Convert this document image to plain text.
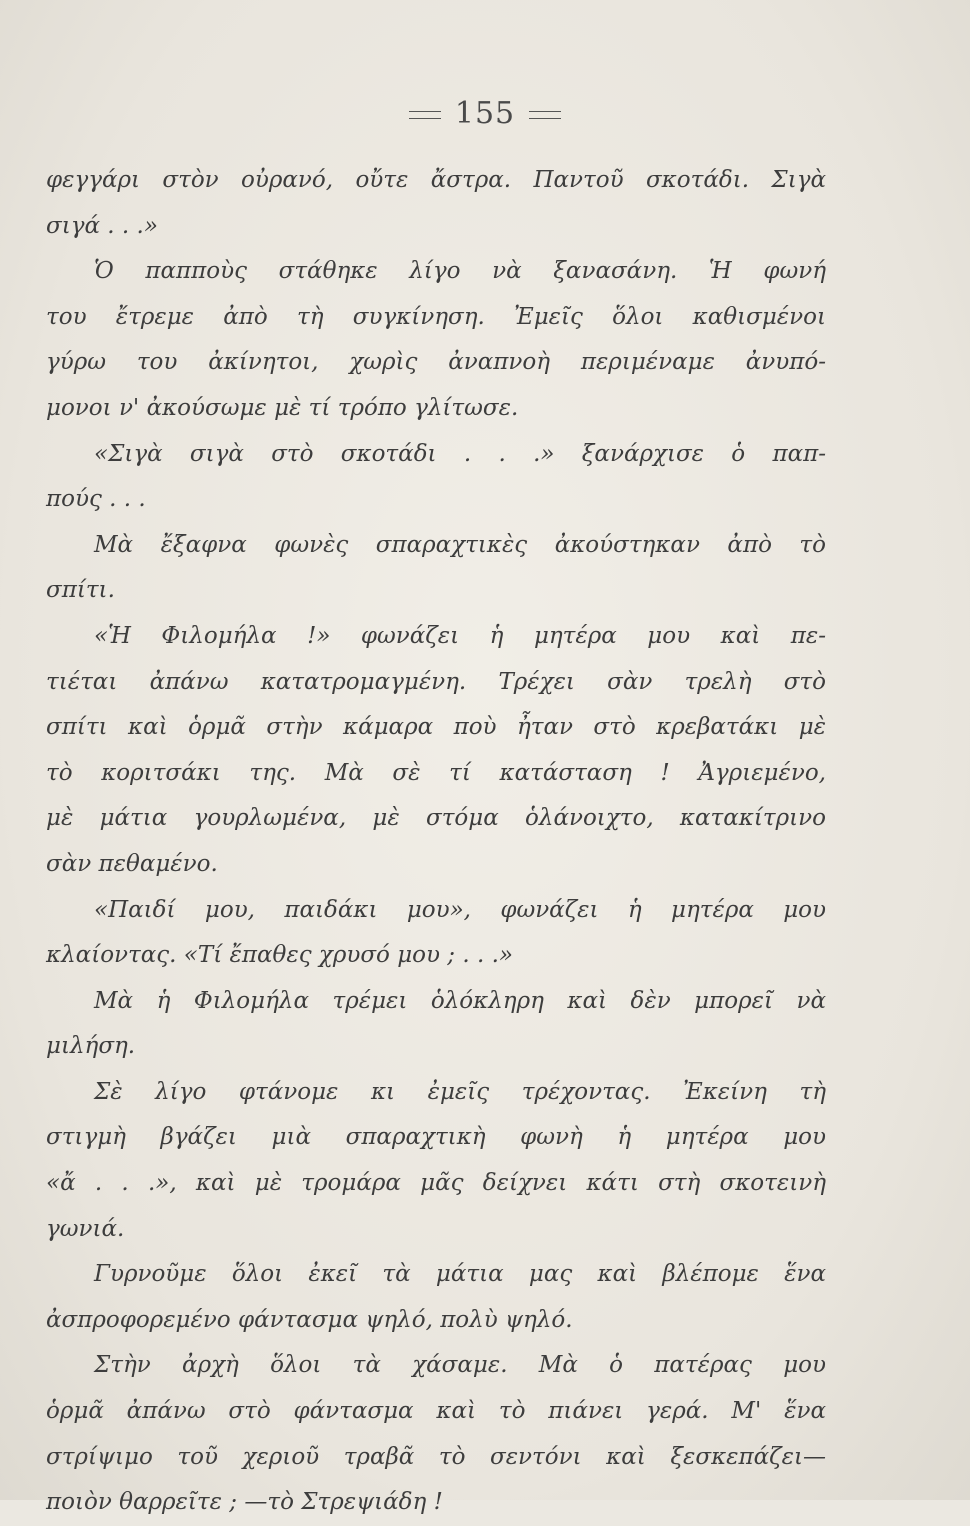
155
φεγγάρι στὸν οὐρανό, οὔτε ἄστρα. Παντοῦ σκοτάδι. Σιγὰ
σιγά . . .»
Ὁ παπποὺς στάθηκε λίγο νὰ ξανασάνη. Ἡ φωνή
του ἔτρεμε ἀπὸ τὴ συγκίνηση. Ἐμεῖς ὅλοι καθισμένοι
γύρω του ἀκίνητοι, χωρὶς ἀναπνοὴ περιμέναμε ἀνυπό-
μονοι ν' ἀκούσωμε μὲ τί τρόπο γλίτωσε.
«Σιγὰ σιγὰ στὸ σκοτάδι . . .» ξανάρχισε ὁ παπ-
πούς . . .
Μὰ ἔξαφνα φωνὲς σπαραχτικὲς ἀκούστηκαν ἀπὸ τὸ
σπίτι.
«Ἡ Φιλομήλα !» φωνάζει ἡ μητέρα μου καὶ πε-
τιέται ἀπάνω κατατρομαγμένη. Τρέχει σὰν τρελὴ στὸ
σπίτι καὶ ὁρμᾶ στὴν κάμαρα ποὺ ἦταν στὸ κρεβατάκι μὲ
τὸ κοριτσάκι της. Μὰ σὲ τί κατάσταση ! Ἀγριεμένο,
μὲ μάτια γουρλωμένα, μὲ στόμα ὁλάνοιχτο, κατακίτρινο
σὰν πεθαμένο.
«Παιδί μου, παιδάκι μου», φωνάζει ἡ μητέρα μου
κλαίοντας. «Τί ἔπαθες χρυσό μου ; . . .»
Μὰ ἡ Φιλομήλα τρέμει ὁλόκληρη καὶ δὲν μπορεῖ νὰ
μιλήση.
Σὲ λίγο φτάνομε κι ἐμεῖς τρέχοντας. Ἐκείνη τὴ
στιγμὴ βγάζει μιὰ σπαραχτικὴ φωνὴ ἡ μητέρα μου
«ἄ . . .», καὶ μὲ τρομάρα μᾶς δείχνει κάτι στὴ σκοτεινὴ
γωνιά.
Γυρνοῦμε ὅλοι ἐκεῖ τὰ μάτια μας καὶ βλέπομε ἕνα
ἀσπροφορεμένο φάντασμα ψηλό, πολὺ ψηλό.
Στὴν ἀρχὴ ὅλοι τὰ χάσαμε. Μὰ ὁ πατέρας μου
ὁρμᾶ ἀπάνω στὸ φάντασμα καὶ τὸ πιάνει γερά. Μ' ἕνα
στρίψιμο τοῦ χεριοῦ τραβᾶ τὸ σεντόνι καὶ ξεσκεπάζει—
ποιὸν θαρρεῖτε ; —τὸ Στρεψιάδη !
